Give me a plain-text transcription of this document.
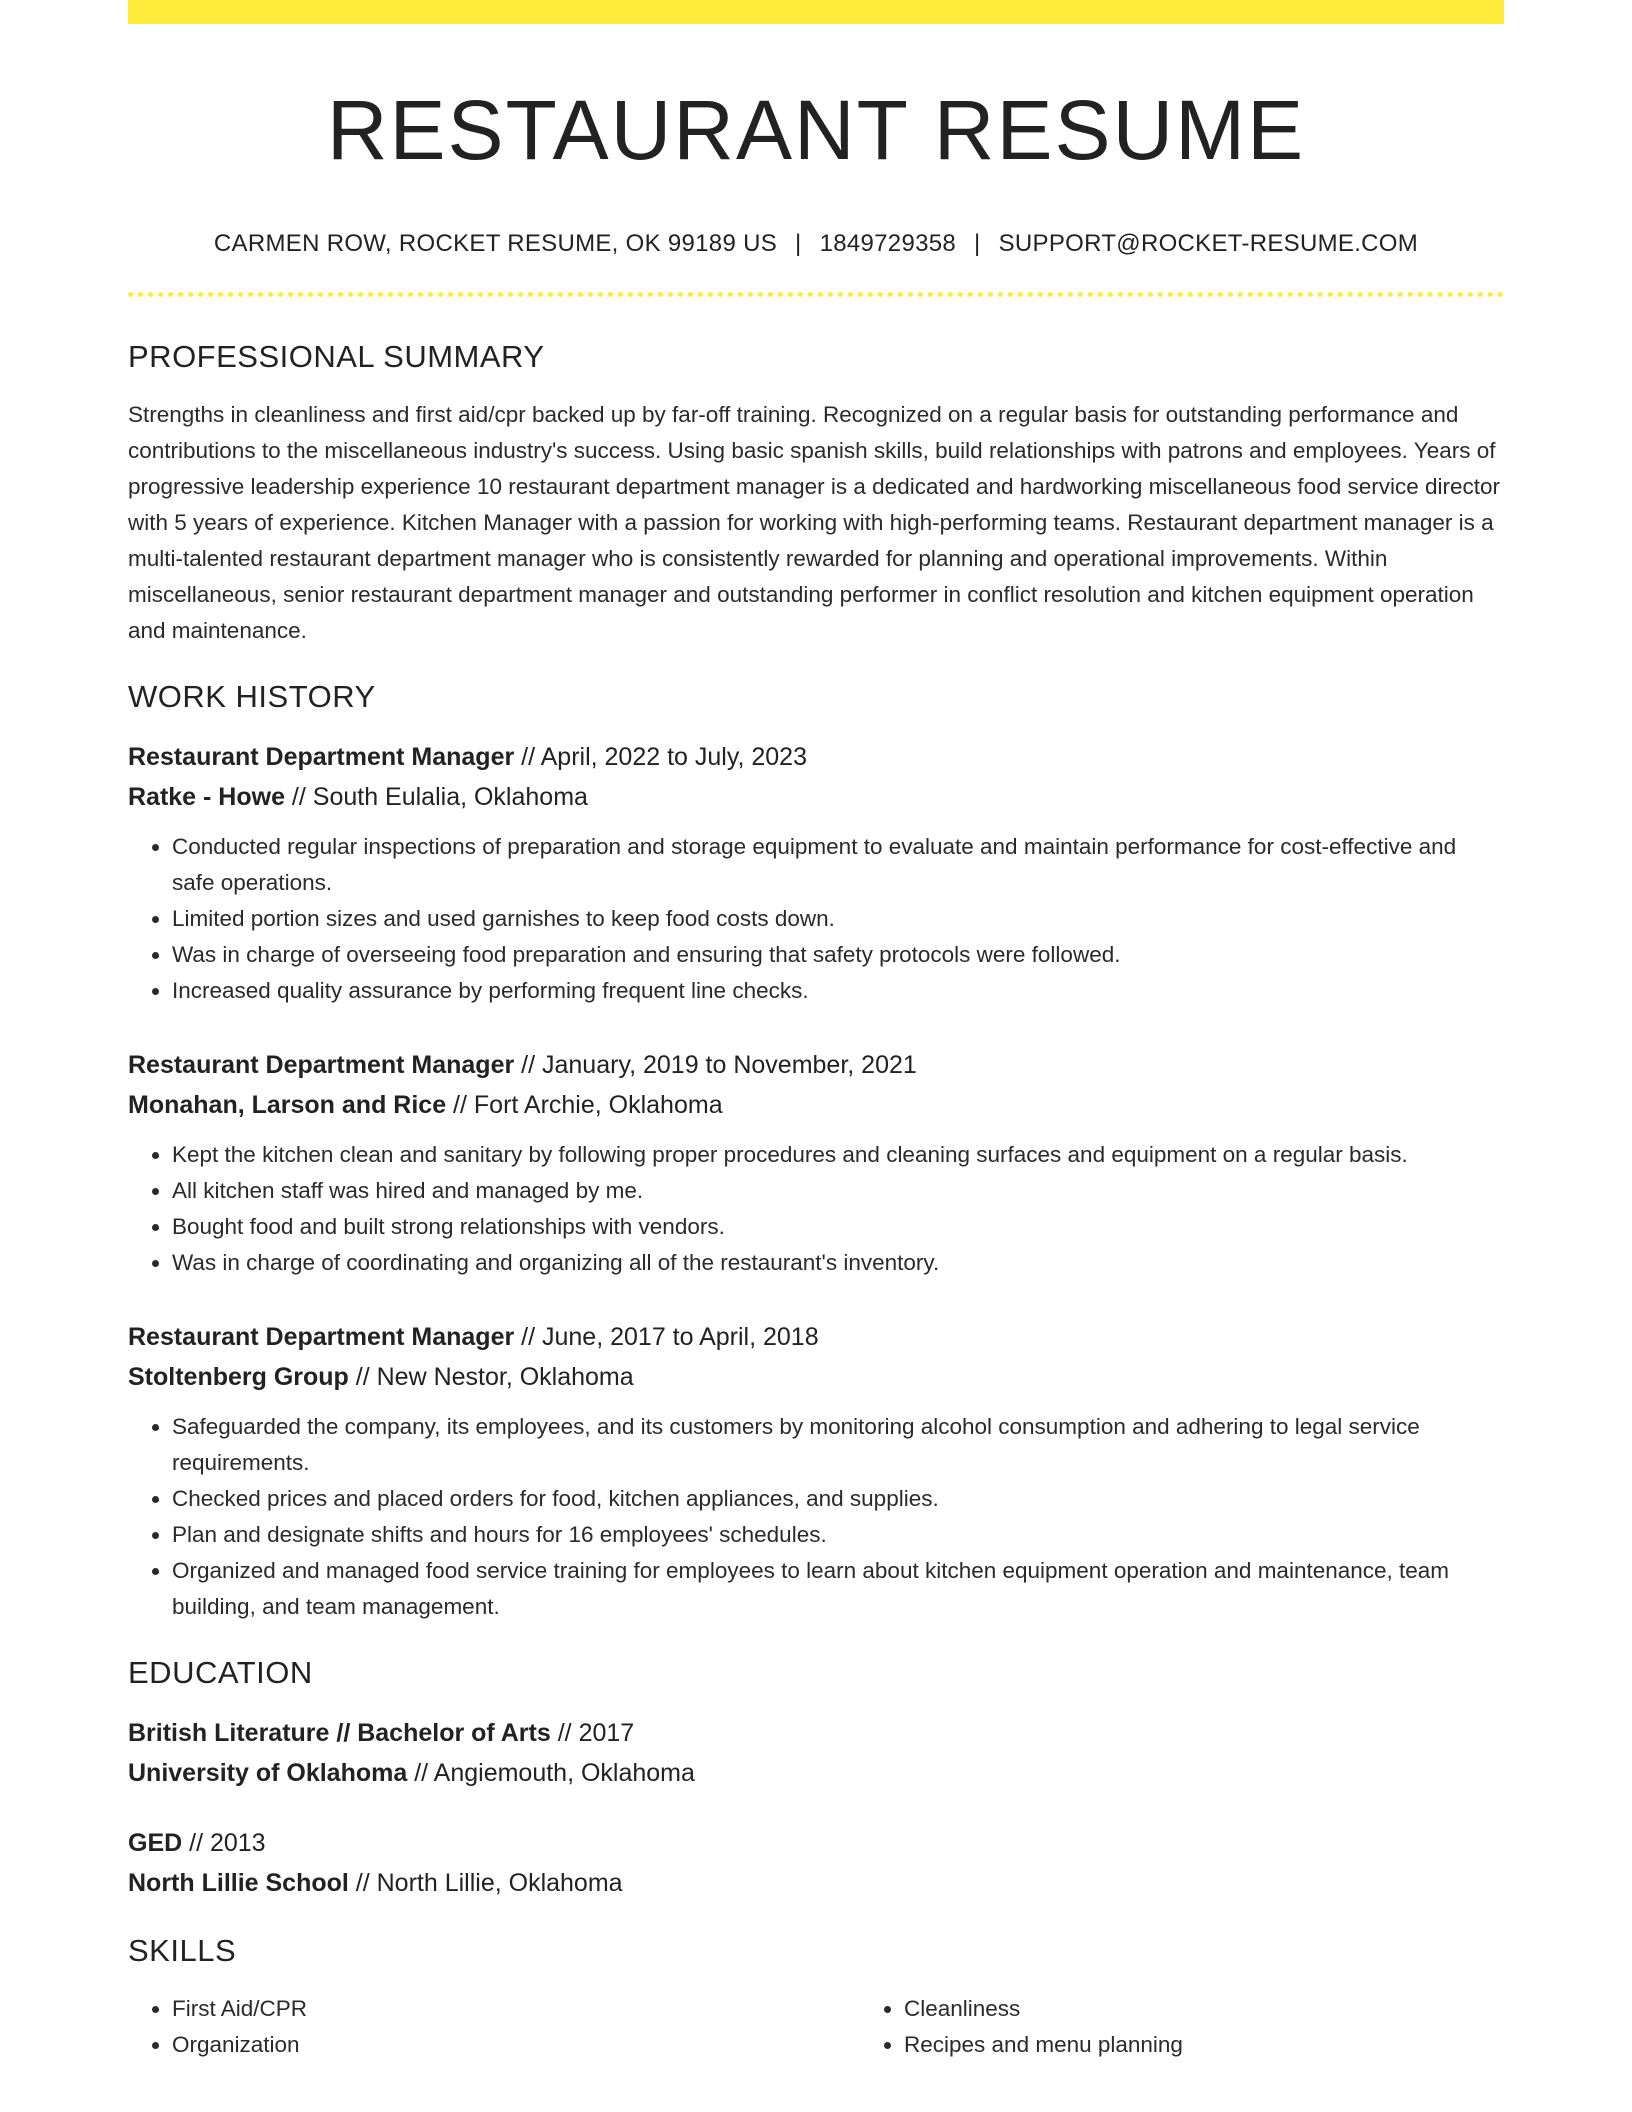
RESTAURANT RESUME
CARMEN ROW, ROCKET RESUME, OK 99189 US | 1849729358 | SUPPORT@ROCKET-RESUME.COM
PROFESSIONAL SUMMARY

Strengths in cleanliness and first aid/cpr backed up by far-off training. Recognized on a regular basis for outstanding performance and contributions to the miscellaneous industry's success. Using basic spanish skills, build relationships with patrons and employees. Years of progressive leadership experience 10 restaurant department manager is a dedicated and hardworking miscellaneous food service director with 5 years of experience. Kitchen Manager with a passion for working with high-performing teams. Restaurant department manager is a multi-talented restaurant department manager who is consistently rewarded for planning and operational improvements. Within miscellaneous, senior restaurant department manager and outstanding performer in conflict resolution and kitchen equipment operation and maintenance.

WORK HISTORY
Restaurant Department Manager // April, 2022 to July, 2023
Ratke - Howe // South Eulalia, Oklahoma
• Conducted regular inspections of preparation and storage equipment to evaluate and maintain performance for cost-effective and safe operations.
• Limited portion sizes and used garnishes to keep food costs down.
• Was in charge of overseeing food preparation and ensuring that safety protocols were followed.
• Increased quality assurance by performing frequent line checks.
Restaurant Department Manager // January, 2019 to November, 2021
Monahan, Larson and Rice // Fort Archie, Oklahoma
• Kept the kitchen clean and sanitary by following proper procedures and cleaning surfaces and equipment on a regular basis.
• All kitchen staff was hired and managed by me.
• Bought food and built strong relationships with vendors.
• Was in charge of coordinating and organizing all of the restaurant's inventory.
Restaurant Department Manager // June, 2017 to April, 2018
Stoltenberg Group // New Nestor, Oklahoma
• Safeguarded the company, its employees, and its customers by monitoring alcohol consumption and adhering to legal service requirements.
• Checked prices and placed orders for food, kitchen appliances, and supplies.
• Plan and designate shifts and hours for 16 employees' schedules.
• Organized and managed food service training for employees to learn about kitchen equipment operation and maintenance, team building, and team management.
EDUCATION
British Literature // Bachelor of Arts // 2017
University of Oklahoma // Angiemouth, Oklahoma
GED // 2013
North Lillie School // North Lillie, Oklahoma
SKILLS
• First Aid/CPR
• Organization
• Cleanliness
• Recipes and menu planning
